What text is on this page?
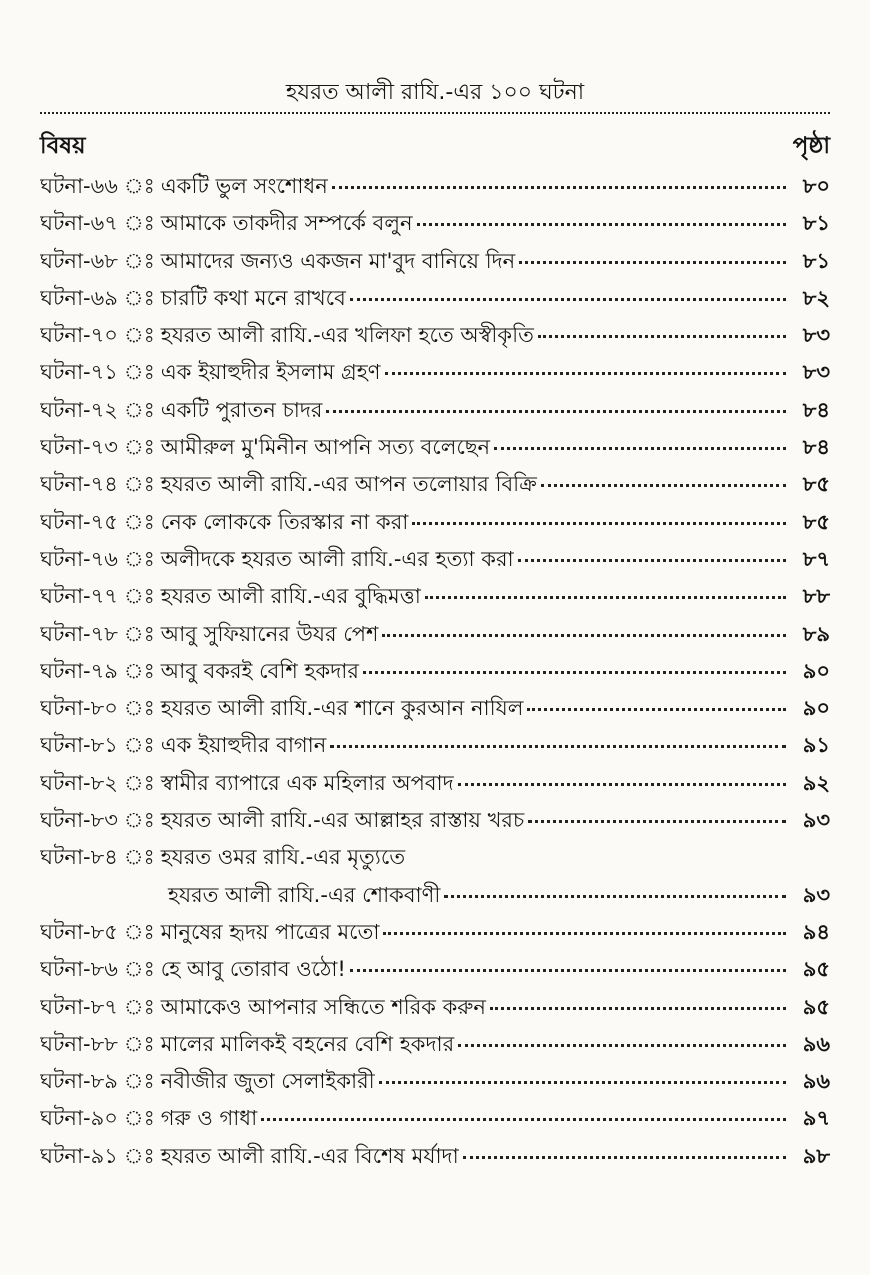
হযরত আলী রাযি.-এর ১০০ ঘটনা
বিষয়	পৃষ্ঠা
ঘটনা-৬৬ ঃ একটি ভুল সংশোধন	৮০
ঘটনা-৬৭ ঃ আমাকে তাকদীর সম্পর্কে বলুন	৮১
ঘটনা-৬৮ ঃ আমাদের জন্যও একজন মা'বুদ বানিয়ে দিন	৮১
ঘটনা-৬৯ ঃ চারটি কথা মনে রাখবে	৮২
ঘটনা-৭০ ঃ হযরত আলী রাযি.-এর খলিফা হতে অস্বীকৃতি	৮৩
ঘটনা-৭১ ঃ এক ইয়াহুদীর ইসলাম গ্রহণ	৮৩
ঘটনা-৭২ ঃ একটি পুরাতন চাদর	৮৪
ঘটনা-৭৩ ঃ আমীরুল মু'মিনীন আপনি সত্য বলেছেন	৮৪
ঘটনা-৭৪ ঃ হযরত আলী রাযি.-এর আপন তলোয়ার বিক্রি	৮৫
ঘটনা-৭৫ ঃ নেক লোককে তিরস্কার না করা	৮৫
ঘটনা-৭৬ ঃ অলীদকে হযরত আলী রাযি.-এর হত্যা করা	৮৭
ঘটনা-৭৭ ঃ হযরত আলী রাযি.-এর বুদ্ধিমত্তা	৮৮
ঘটনা-৭৮ ঃ আবু সুফিয়ানের উযর পেশ	৮৯
ঘটনা-৭৯ ঃ আবু বকরই বেশি হকদার	৯০
ঘটনা-৮০ ঃ হযরত আলী রাযি.-এর শানে কুরআন নাযিল	৯০
ঘটনা-৮১ ঃ এক ইয়াহুদীর বাগান	৯১
ঘটনা-৮২ ঃ স্বামীর ব্যাপারে এক মহিলার অপবাদ	৯২
ঘটনা-৮৩ ঃ হযরত আলী রাযি.-এর আল্লাহর রাস্তায় খরচ	৯৩
ঘটনা-৮৪ ঃ হযরত ওমর রাযি.-এর মৃত্যুতে
হযরত আলী রাযি.-এর শোকবাণী	৯৩
ঘটনা-৮৫ ঃ মানুষের হৃদয় পাত্রের মতো	৯৪
ঘটনা-৮৬ ঃ হে আবু তোরাব ওঠো!	৯৫
ঘটনা-৮৭ ঃ আমাকেও আপনার সন্ধিতে শরিক করুন	৯৫
ঘটনা-৮৮ ঃ মালের মালিকই বহনের বেশি হকদার	৯৬
ঘটনা-৮৯ ঃ নবীজীর জুতা সেলাইকারী	৯৬
ঘটনা-৯০ ঃ গরু ও গাধা	৯৭
ঘটনা-৯১ ঃ হযরত আলী রাযি.-এর বিশেষ মর্যাদা	৯৮
